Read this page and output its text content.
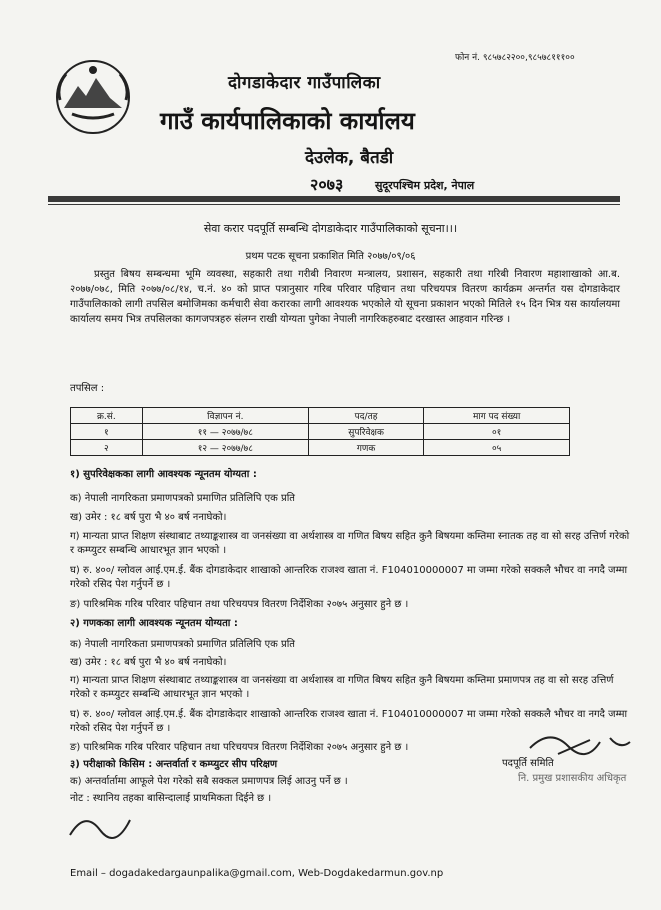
फोन नं. ९८५७८२२००,९८५७८१११००
दोगडाकेदार गाउँपालिका
गाउँ कार्यपालिकाको कार्यालय
देउलेक, बैतडी
२०७३	सुदूरपश्चिम प्रदेश, नेपाल
सेवा करार पदपूर्ति सम्बन्धि दोगडाकेदार गाउँपालिकाको सूचना।।।
प्रथम पटक सूचना प्रकाशित मिति २०७७/०९/०६
प्रस्तुत बिषय सम्बन्धमा भूमि व्यवस्था, सहकारी तथा गरीबी निवारण मन्त्रालय, प्रशासन, सहकारी तथा गरिबी निवारण महाशाखाको आ.ब. २०७७/०७८, मिति २०७७/०८/१४, च.नं. ४० को प्राप्त पत्रानुसार गरिब परिवार पहिचान तथा परिचयपत्र वितरण कार्यक्रम अन्तर्गत यस दोगडाकेदार गाउँपालिकाको लागी तपसिल बमोजिमका कर्मचारी सेवा करारका लागी आवश्यक भएकोले यो सूचना प्रकाशन भएको मितिले १५ दिन भित्र यस कार्यालयमा कार्यालय समय भित्र तपसिलका कागजपत्रहरु संलग्न राखी योग्यता पुगेका नेपाली नागरिकहरुबाट दरखास्त आहवान गरिन्छ ।
तपसिल :
क्र.सं.	विज्ञापन नं.	पद/तह	माग पद संख्या
१	११ — २०७७/७८	सुपरिवेक्षक	०१
२	१२ — २०७७/७८	गणक	०५
१) सुपरिवेक्षकका लागी आवश्यक न्यूनतम योग्यता :
क) नेपाली नागरिकता प्रमाणपत्रको प्रमाणित प्रतिलिपि एक प्रति
ख) उमेर : १८ बर्ष पुरा भै ४० बर्ष ननाघेको।
ग) मान्यता प्राप्त शिक्षण संस्थाबाट तथ्याङ्कशास्त्र वा जनसंख्या वा अर्थशास्त्र वा गणित बिषय सहित कुनै बिषयमा कम्तिमा स्नातक तह वा सो सरह उत्तिर्ण गरेको र कम्प्युटर सम्बन्धि आधारभूत ज्ञान भएको ।
घ) रु. ४००/ ग्लोवल आई.एम.ई. बैंक दोगडाकेदार शाखाको आन्तरिक राजश्व खाता नं. F104010000007 मा जम्मा गरेको सक्कलै भौचर वा नगदै जम्मा गरेको रसिद पेश गर्नुपर्ने छ ।
ङ) पारिश्रमिक गरिब परिवार पहिचान तथा परिचयपत्र वितरण निर्देशिका २०७५ अनुसार हुने छ ।
२) गणकका लागी आवश्यक न्यूनतम योग्यता :
क) नेपाली नागरिकता प्रमाणपत्रको प्रमाणित प्रतिलिपि एक प्रति
ख) उमेर : १८ बर्ष पुरा भै ४० बर्ष ननाघेको।
ग) मान्यता प्राप्त शिक्षण संस्थाबाट तथ्याङ्कशास्त्र वा जनसंख्या वा अर्थशास्त्र वा गणित बिषय सहित कुनै बिषयमा कम्तिमा प्रमाणपत्र तह वा सो सरह उत्तिर्ण गरेको र कम्प्युटर सम्बन्धि आधारभूत ज्ञान भएको ।
घ) रु. ४००/ ग्लोवल आई.एम.ई. बैंक दोगडाकेदार शाखाको आन्तरिक राजश्व खाता नं. F104010000007 मा जम्मा गरेको सक्कलै भौचर वा नगदै जम्मा गरेको रसिद पेश गर्नुपर्ने छ ।
ङ) पारिश्रमिक गरिब परिवार पहिचान तथा परिचयपत्र वितरण निर्देशिका २०७५ अनुसार हुने छ ।
३) परीक्षाको किसिम : अन्तर्वार्ता र कम्प्युटर सीप परिक्षण
क) अन्तर्वार्तामा आफूले पेश गरेको सबै सक्कल प्रमाणपत्र लिई आउनु पर्ने छ ।
नोट : स्थानिय तहका बासिन्दालाई प्राथमिकता दिईने छ ।
पदपूर्ति समिति
नि. प्रमुख प्रशासकीय अधिकृत
Email – dogadakedargaunpalika@gmail.com, Web-Dogdakedarmun.gov.np
